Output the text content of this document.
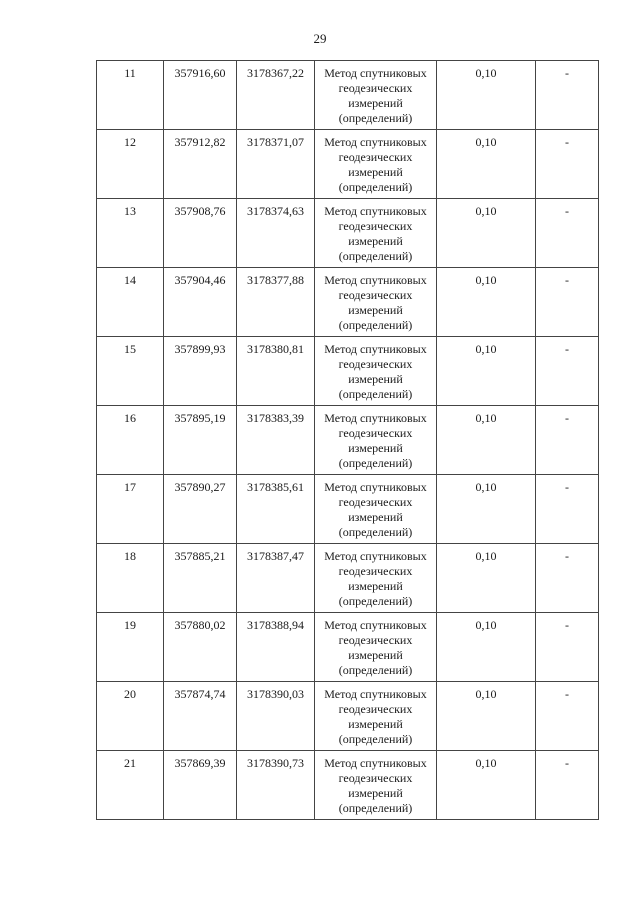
29
11	357916,60	3178367,22	Метод спутниковых
геодезических
измерений
(определений)	0,10	-
12	357912,82	3178371,07	Метод спутниковых
геодезических
измерений
(определений)	0,10	-
13	357908,76	3178374,63	Метод спутниковых
геодезических
измерений
(определений)	0,10	-
14	357904,46	3178377,88	Метод спутниковых
геодезических
измерений
(определений)	0,10	-
15	357899,93	3178380,81	Метод спутниковых
геодезических
измерений
(определений)	0,10	-
16	357895,19	3178383,39	Метод спутниковых
геодезических
измерений
(определений)	0,10	-
17	357890,27	3178385,61	Метод спутниковых
геодезических
измерений
(определений)	0,10	-
18	357885,21	3178387,47	Метод спутниковых
геодезических
измерений
(определений)	0,10	-
19	357880,02	3178388,94	Метод спутниковых
геодезических
измерений
(определений)	0,10	-
20	357874,74	3178390,03	Метод спутниковых
геодезических
измерений
(определений)	0,10	-
21	357869,39	3178390,73	Метод спутниковых
геодезических
измерений
(определений)	0,10	-
